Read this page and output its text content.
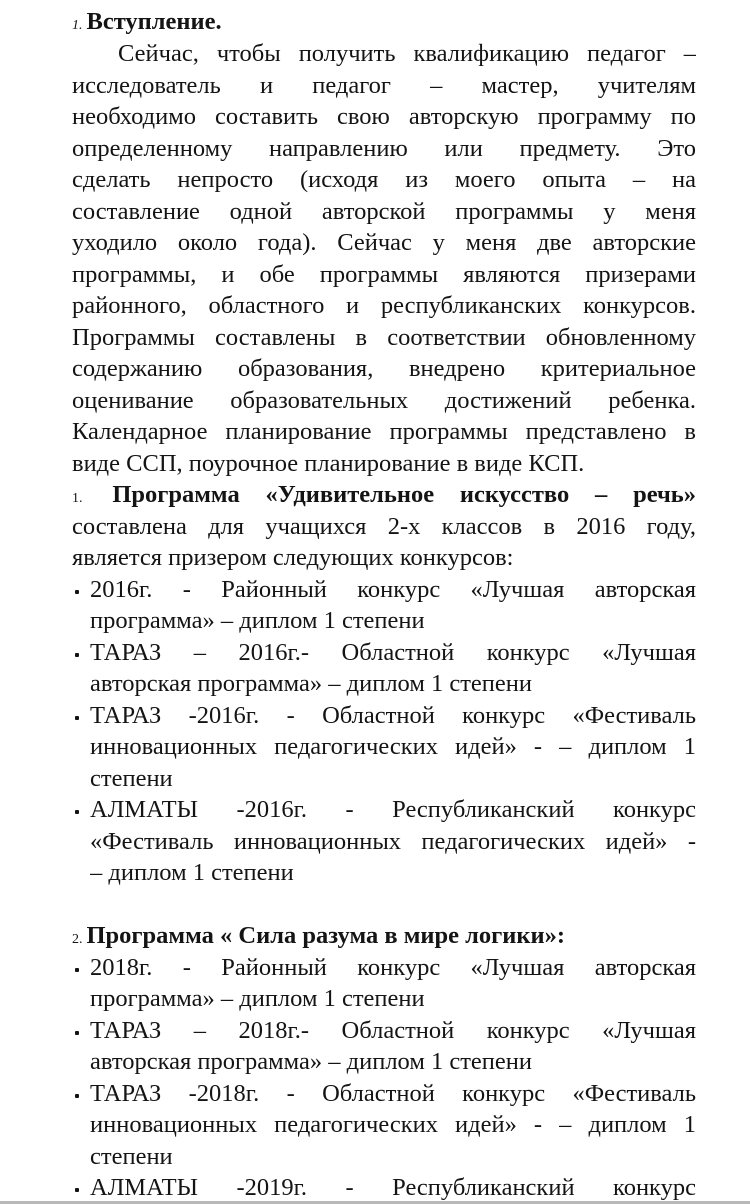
1. Вступление.
Сейчас, чтобы получить квалификацию педагог –
исследователь и педагог – мастер, учителям
необходимо составить свою авторскую программу по
определенному направлению или предмету. Это
сделать непросто (исходя из моего опыта – на
составление одной авторской программы у меня
уходило около года). Сейчас у меня две авторские
программы, и обе программы являются призерами
районного, областного и республиканских конкурсов.
Программы составлены в соответствии обновленному
содержанию образования, внедрено критериальное
оценивание образовательных достижений ребенка.
Календарное планирование программы представлено в
виде ССП, поурочное планирование в виде КСП.
1. Программа «Удивительное искусство – речь»
составлена для учащихся 2-х классов в 2016 году,
является призером следующих конкурсов:
2016г. - Районный конкурс «Лучшая авторская
программа» – диплом 1 степени
ТАРАЗ – 2016г.- Областной конкурс «Лучшая
авторская программа» – диплом 1 степени
ТАРАЗ -2016г. - Областной конкурс «Фестиваль
инновационных педагогических идей» - – диплом 1
степени
АЛМАТЫ -2016г. - Республиканский конкурс
«Фестиваль инновационных педагогических идей» -
– диплом 1 степени
2. Программа « Сила разума в мире логики»:
2018г. - Районный конкурс «Лучшая авторская
программа» – диплом 1 степени
ТАРАЗ – 2018г.- Областной конкурс «Лучшая
авторская программа» – диплом 1 степени
ТАРАЗ -2018г. - Областной конкурс «Фестиваль
инновационных педагогических идей» - – диплом 1
степени
АЛМАТЫ -2019г. - Республиканский конкурс
